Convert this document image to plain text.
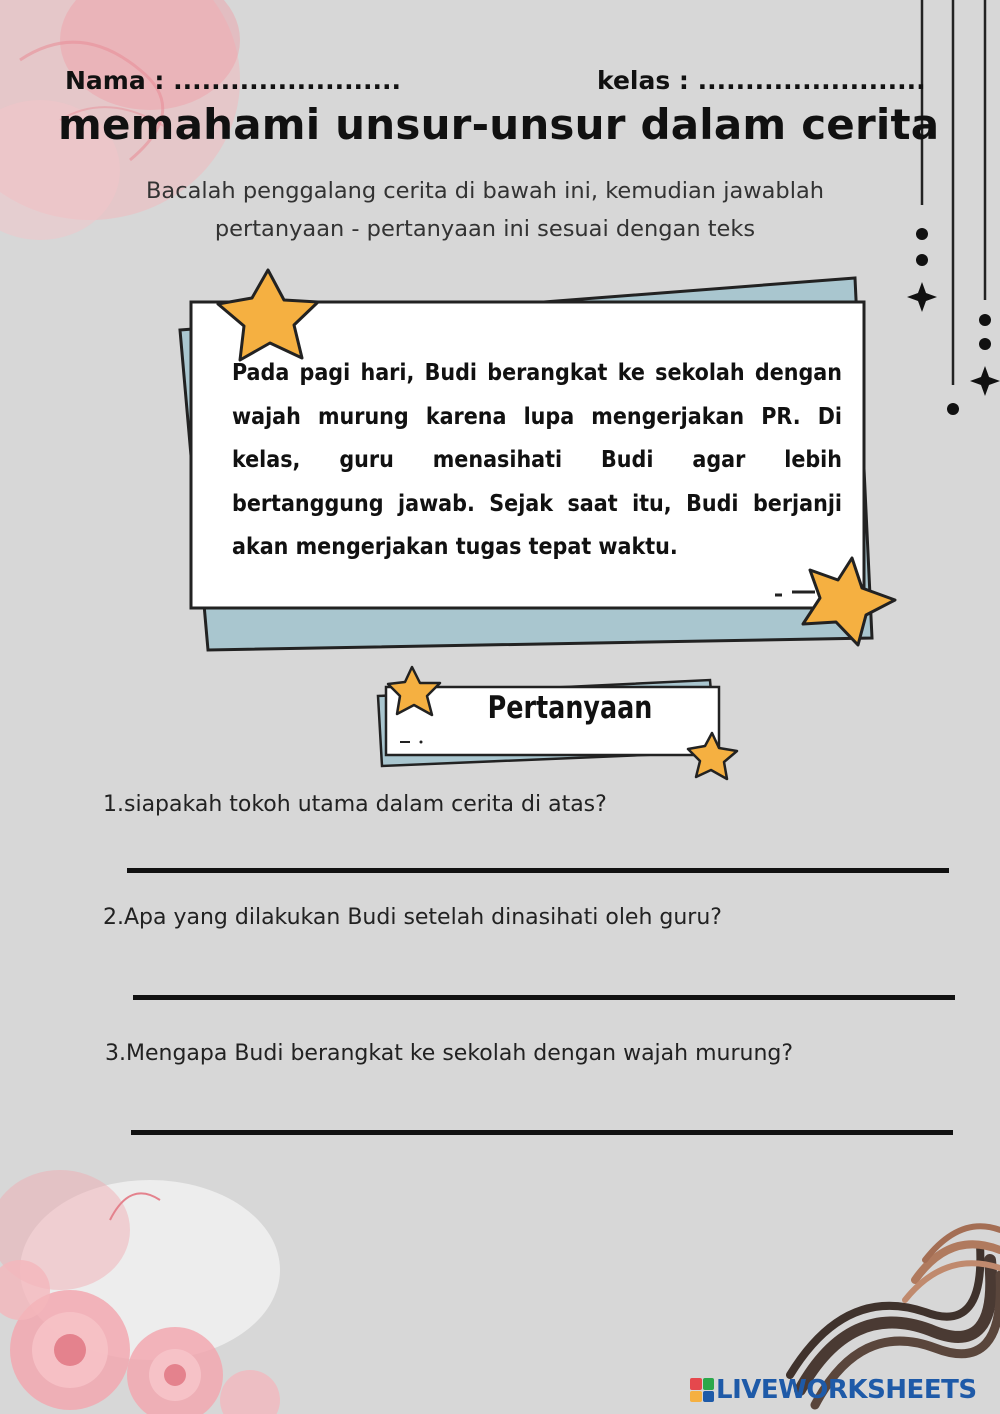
Nama : ........................	kelas : ........................
memahami unsur-unsur dalam cerita
Bacalah penggalang cerita di bawah ini, kemudian jawablah
pertanyaan - pertanyaan ini sesuai dengan teks
Pada pagi hari, Budi berangkat ke sekolah dengan wajah murung karena lupa mengerjakan PR. Di kelas, guru menasihati Budi agar lebih bertanggung jawab. Sejak saat itu, Budi berjanji akan mengerjakan tugas tepat waktu.
Pertanyaan
1.siapakah tokoh utama dalam cerita di atas?
2.Apa yang dilakukan Budi setelah dinasihati oleh guru?
3.Mengapa Budi berangkat ke sekolah dengan wajah murung?
LIVEWORKSHEETS
